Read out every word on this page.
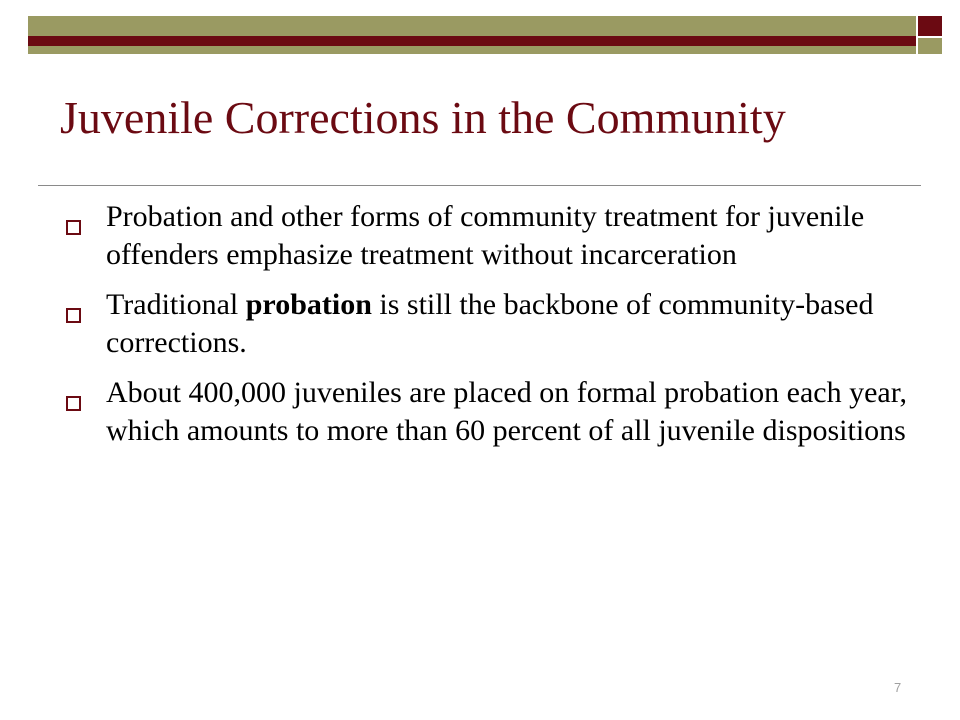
Juvenile Corrections in the Community
Probation and other forms of community treatment for juvenile offenders emphasize treatment without incarceration
Traditional probation is still the backbone of community-based corrections.
About 400,000 juveniles are placed on formal probation each year, which amounts to more than 60 percent of all juvenile dispositions
7
